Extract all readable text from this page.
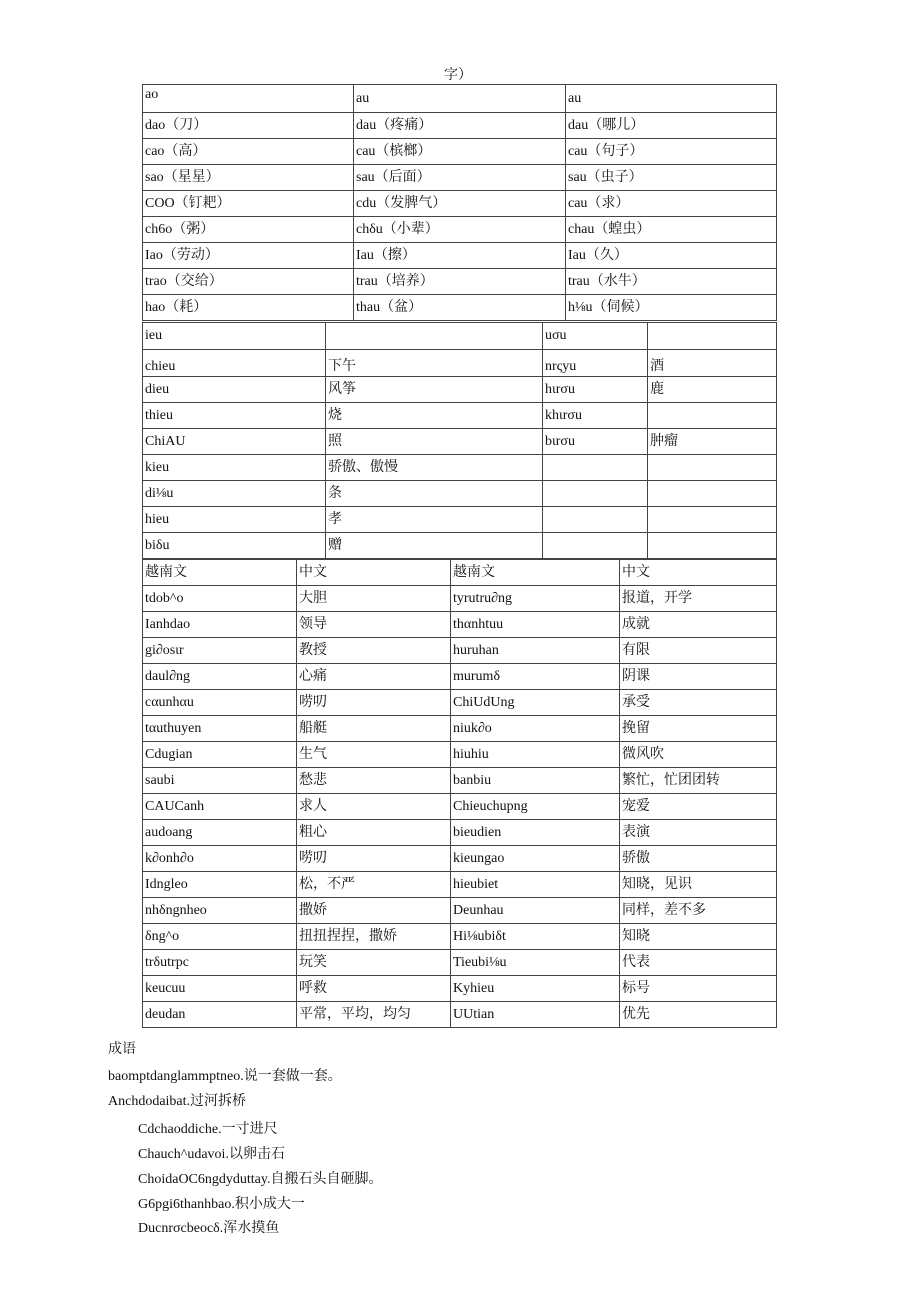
字）
ao	au	au
dao（刀）	dau（疼痛）	dau（哪儿）
cao（高）	cau（槟榔）	cau（句子）
sao（星星）	sau（后面）	sau（虫子）
COO（钉耙）	cdu（发脾气）	cau（求）
ch6o（粥）	chδu（小辈）	chau（蝗虫）
Iao（劳动）	Iau（擦）	Iau（久）
trao（交给）	trau（培养）	trau（水牛）
hao（耗）	thau（盆）	h⅛u（伺候）
ieu		uσu	
chieu	下午	nrςyu	酒
dieu	风筝	hιrσu	鹿
thieu	烧	khιrσu	
ChiAU	照	bιrσu	肿瘤
kieu	骄傲、傲慢		
di⅛u	条		
hieu	孝		
biδu	赠		
越南文	中文	越南文	中文
tdob^o	大胆	tyrutru∂ng	报道，开学
Ianhdao	领导	thαnhtuu	成就
gi∂osιr	教授	huruhan	有限
daul∂ng	心痛	murumδ	阴课
cαunhαu	唠叨	ChiUdUng	承受
tαuthuyen	船艇	niuk∂o	挽留
Cdugian	生气	hiuhiu	微风吹
saubi	愁悲	banbiu	繁忙，忙团团转
CAUCanh	求人	Chieuchupng	宠爱
audoang	粗心	bieudien	表演
k∂onh∂o	唠叨	kieungao	骄傲
Idngleo	松，不严	hieubiet	知晓，见识
nhδngnheo	撒娇	Deunhau	同样，差不多
δng^o	扭扭捏捏，撒娇	Hi⅛ubiδt	知晓
trδutrpc	玩笑	Tieubi⅛u	代表
keucuu	呼救	Kyhieu	标号
deudan	平常，平均，均匀	UUtian	优先
成语
baomptdanglammptneo.说一套做一套。
Anchdodaibat.过河拆桥
Cdchaoddiche.一寸进尺
Chauch^udavoi.以卵击石
ChoidaOC6ngdyduttay.自搬石头自砸脚。
G6pgi6thanhbao.积小成大一
Ducnrσcbeocδ.浑水摸鱼
